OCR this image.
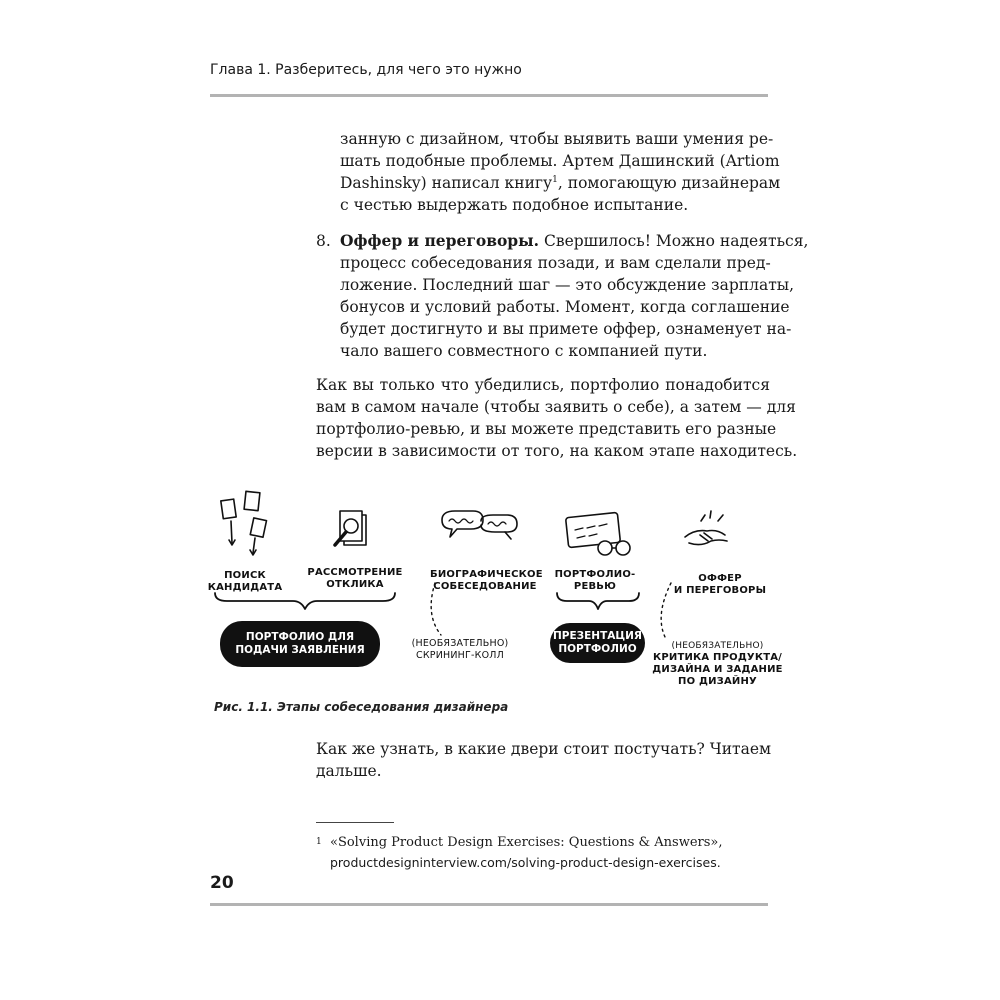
Глава 1. Разберитесь, для чего это нужно
занную с дизайном, чтобы выявить ваши умения ре-
шать подобные проблемы. Артем Дашинский (Artiom
Dashinsky) написал книгу$^1$, помогающую дизайнерам
с честью выдержать подобное испытание.
8. Оффер и переговоры. Свершилось! Можно надеяться,
процесс собеседования позади, и вам сделали пред-
ложение. Последний шаг — это обсуждение зарплаты,
бонусов и условий работы. Момент, когда соглашение
будет достигнуто и вы примете оффер, ознаменует на-
чало вашего совместного с компанией пути.
Как вы только что убедились, портфолио понадобится
вам в самом начале (чтобы заявить о себе), а затем — для
портфолио-ревью, и вы можете представить его разные
версии в зависимости от того, на каком этапе находитесь.
ПОИСК
КАНДИДАТА
РАССМОТРЕНИЕ
ОТКЛИКА
БИОГРАФИЧЕСКОЕ
СОБЕСЕДОВАНИЕ
ПОРТФОЛИО-
РЕВЬЮ
ОФФЕР
И ПЕРЕГОВОРЫ
ПОРТФОЛИО ДЛЯ
ПОДАЧИ ЗАЯВЛЕНИЯ
ПРЕЗЕНТАЦИЯ
ПОРТФОЛИО
(НЕОБЯЗАТЕЛЬНО)
СКРИНИНГ-КОЛЛ
(НЕОБЯЗАТЕЛЬНО)
КРИТИКА ПРОДУКТА/
ДИЗАЙНА И ЗАДАНИЕ
ПО ДИЗАЙНУ
Рис. 1.1. Этапы собеседования дизайнера
Как же узнать, в какие двери стоит постучать? Читаем
дальше.
1 «Solving Product Design Exercises: Questions & Answers»,
productdesigninterview.com/solving-product-design-exercises.
20
